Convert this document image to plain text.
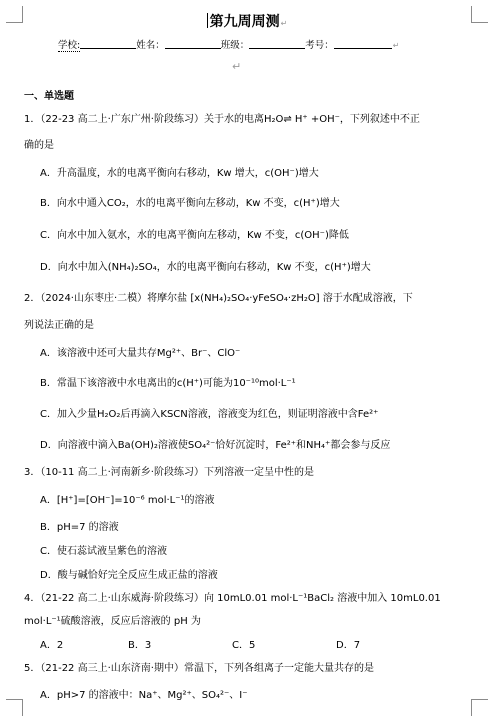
第九周周测↵
学校:	姓名：	班级：	考号：	↵
↵
一、单选题
1．（22-23 高二上·广东广州·阶段练习）关于水的电离H₂O⇌ H⁺ +OH⁻，下列叙述中不正
确的是
A．升高温度，水的电离平衡向右移动，Kw 增大，c(OH⁻)增大
B．向水中通入CO₂，水的电离平衡向左移动，Kw 不变，c(H⁺)增大
C．向水中加入氨水，水的电离平衡向左移动，Kw 不变，c(OH⁻)降低
D．向水中加入(NH₄)₂SO₄，水的电离平衡向右移动，Kw 不变，c(H⁺)增大
2．（2024·山东枣庄·二模）将摩尔盐 [x(NH₄)₂SO₄·yFeSO₄·zH₂O] 溶于水配成溶液，下
列说法正确的是
A．该溶液中还可大量共存Mg²⁺、Br⁻、ClO⁻
B．常温下该溶液中水电离出的c(H⁺)可能为10⁻¹⁰mol·L⁻¹
C．加入少量H₂O₂后再滴入KSCN溶液，溶液变为红色，则证明溶液中含Fe²⁺
D．向溶液中滴入Ba(OH)₂溶液使SO₄²⁻恰好沉淀时，Fe²⁺和NH₄⁺都会参与反应
3．（10-11 高二上·河南新乡·阶段练习）下列溶液一定呈中性的是
A．[H⁺]=[OH⁻]=10⁻⁶ mol·L⁻¹的溶液
B．pH=7 的溶液
C．使石蕊试液呈紫色的溶液
D．酸与碱恰好完全反应生成正盐的溶液
4．（21-22 高二上·山东威海·阶段练习）向 10mL0.01 mol·L⁻¹BaCl₂ 溶液中加入 10mL0.01
mol·L⁻¹硫酸溶液，反应后溶液的 pH 为
A．2	B．3	C．5	D．7
5．（21-22 高三上·山东济南·期中）常温下，下列各组离子一定能大量共存的是
A．pH>7 的溶液中：Na⁺、Mg²⁺、SO₄²⁻、I⁻
